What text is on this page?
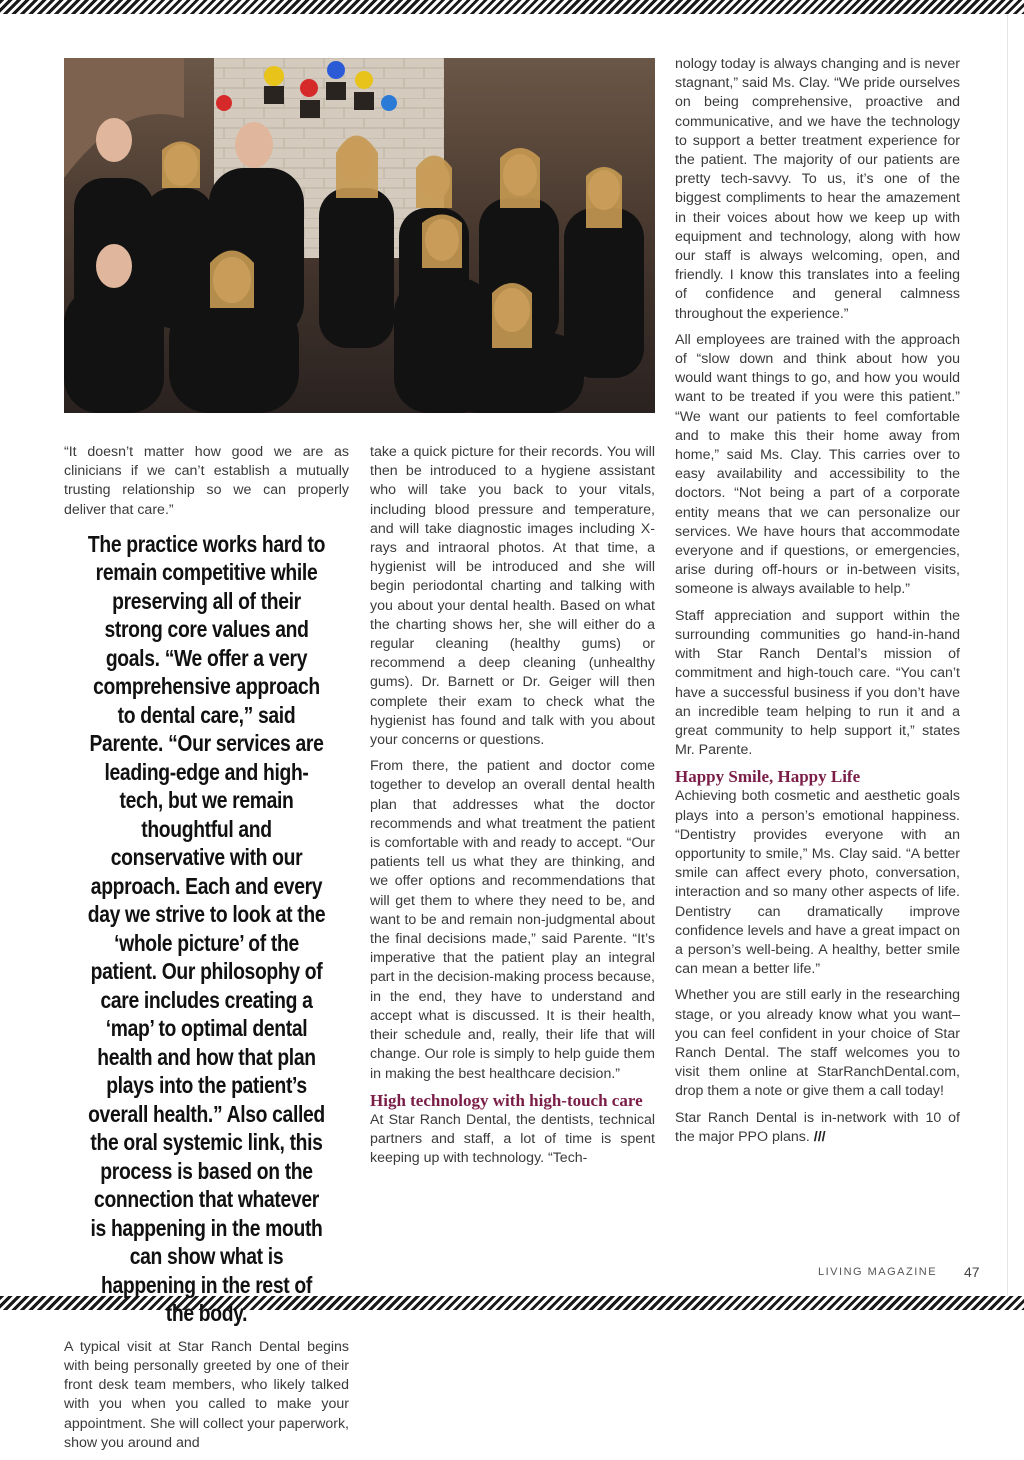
“It doesn’t matter how good we are as clinicians if we can’t establish a mutually trusting relationship so we can properly deliver that care.”

The practice works hard to remain competitive while preserving all of their strong core values and goals. “We offer a very comprehensive approach to dental care,” said Parente. “Our services are leading-edge and high-tech, but we remain thoughtful and conservative with our approach. Each and every day we strive to look at the ‘whole picture’ of the patient. Our philosophy of care includes creating a ‘map’ to optimal dental health and how that plan plays into the patient’s overall health.” Also called the oral systemic link, this process is based on the connection that whatever is happening in the mouth can show what is happening in the rest of the body.

A typical visit at Star Ranch Dental begins with being personally greeted by one of their front desk team members, who likely talked with you when you called to make your appointment. She will collect your paperwork, show you around and

take a quick picture for their records. You will then be introduced to a hygiene assistant who will take you back to your vitals, including blood pressure and temperature, and will take diagnostic images including X-rays and intraoral photos. At that time, a hygienist will be introduced and she will begin periodontal charting and talking with you about your dental health. Based on what the charting shows her, she will either do a regular cleaning (healthy gums) or recommend a deep cleaning (unhealthy gums). Dr. Barnett or Dr. Geiger will then complete their exam to check what the hygienist has found and talk with you about your concerns or questions.

From there, the patient and doctor come together to develop an overall dental health plan that addresses what the doctor recommends and what treatment the patient is comfortable with and ready to accept. “Our patients tell us what they are thinking, and we offer options and recommendations that will get them to where they need to be, and want to be and remain non-judgmental about the final decisions made,” said Parente. “It’s imperative that the patient play an integral part in the decision-making process because, in the end, they have to understand and accept what is discussed. It is their health, their schedule and, really, their life that will change. Our role is simply to help guide them in making the best healthcare decision.”

High technology with high-touch care

At Star Ranch Dental, the dentists, technical partners and staff, a lot of time is spent keeping up with technology. “Tech-

nology today is always changing and is never stagnant,” said Ms. Clay. “We pride ourselves on being comprehensive, proactive and communicative, and we have the technology to support a better treatment experience for the patient. The majority of our patients are pretty tech-savvy. To us, it’s one of the biggest compliments to hear the amazement in their voices about how we keep up with equipment and technology, along with how our staff is always welcoming, open, and friendly. I know this translates into a feeling of confidence and general calmness throughout the experience.”

All employees are trained with the approach of “slow down and think about how you would want things to go, and how you would want to be treated if you were this patient.” “We want our patients to feel comfortable and to make this their home away from home,” said Ms. Clay. This carries over to easy availability and accessibility to the doctors. “Not being a part of a corporate entity means that we can personalize our services. We have hours that accommodate everyone and if questions, or emergencies, arise during off-hours or in-between visits, someone is always available to help.”

Staff appreciation and support within the surrounding communities go hand-in-hand with Star Ranch Dental’s mission of commitment and high-touch care. “You can’t have a successful business if you don’t have an incredible team helping to run it and a great community to help support it,” states Mr. Parente.

Happy Smile, Happy Life

Achieving both cosmetic and aesthetic goals plays into a person’s emotional happiness. “Dentistry provides everyone with an opportunity to smile,” Ms. Clay said. “A better smile can affect every photo, conversation, interaction and so many other aspects of life. Dentistry can dramatically improve confidence levels and have a great impact on a person’s well-being. A healthy, better smile can mean a better life.”

Whether you are still early in the researching stage, or you already know what you want–you can feel confident in your choice of Star Ranch Dental. The staff welcomes you to visit them online at StarRanchDental.com, drop them a note or give them a call today!

Star Ranch Dental is in-network with 10 of the major PPO plans. ///

LIVING MAGAZINE 47
